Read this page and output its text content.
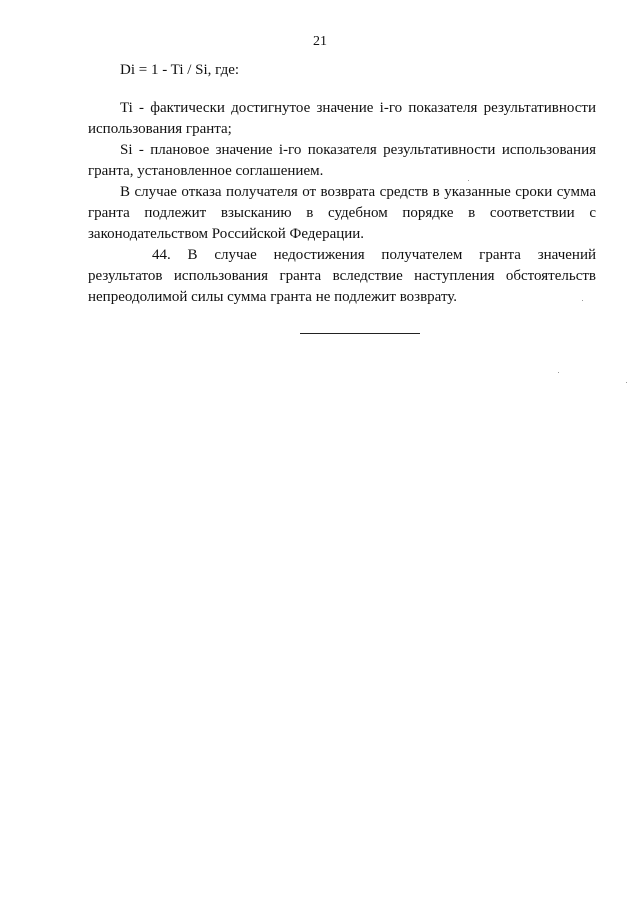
21
Di = 1 - Ti / Si, где:

Ti - фактически достигнутое значение i-го показателя результативности использования гранта;

Si - плановое значение i-го показателя результативности использования гранта, установленное соглашением.

В случае отказа получателя от возврата средств в указанные сроки сумма гранта подлежит взысканию в судебном порядке в соответствии с законодательством Российской Федерации.

44. В случае недостижения получателем гранта значений результатов использования гранта вследствие наступления обстоятельств непреодолимой силы сумма гранта не подлежит возврату.
